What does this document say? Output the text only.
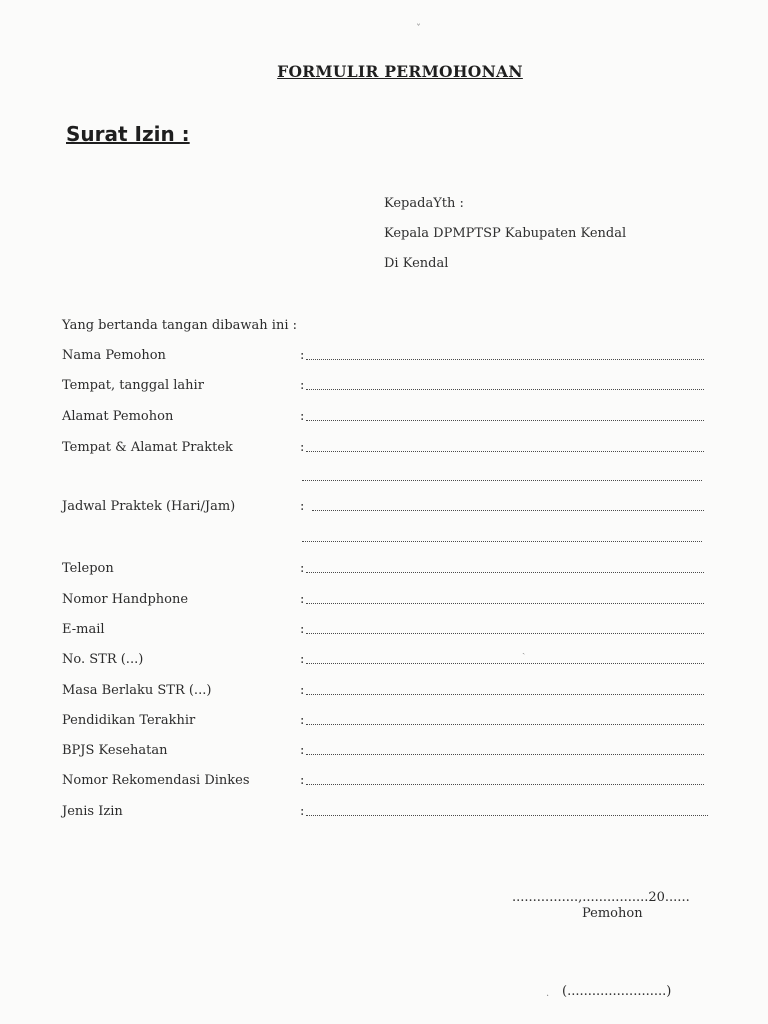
FORMULIR PERMOHONAN
Surat Izin :
KepadaYth :
Kepala DPMPTSP Kabupaten Kendal
Di Kendal
Yang bertanda tangan dibawah ini :
Nama Pemohon	:
Tempat, tanggal lahir	:
Alamat Pemohon	:
Tempat & Alamat Praktek	:
Jadwal Praktek (Hari/Jam)	:
Telepon	:
Nomor Handphone	:
E-mail	:
No. STR (...)	:
Masa Berlaku STR (...)	:
Pendidikan Terakhir	:
BPJS Kesehatan	:
Nomor Rekomendasi Dinkes	:
Jenis Izin	:
................,................20......
Pemohon
(........................)
ˇ
ˏ
.
